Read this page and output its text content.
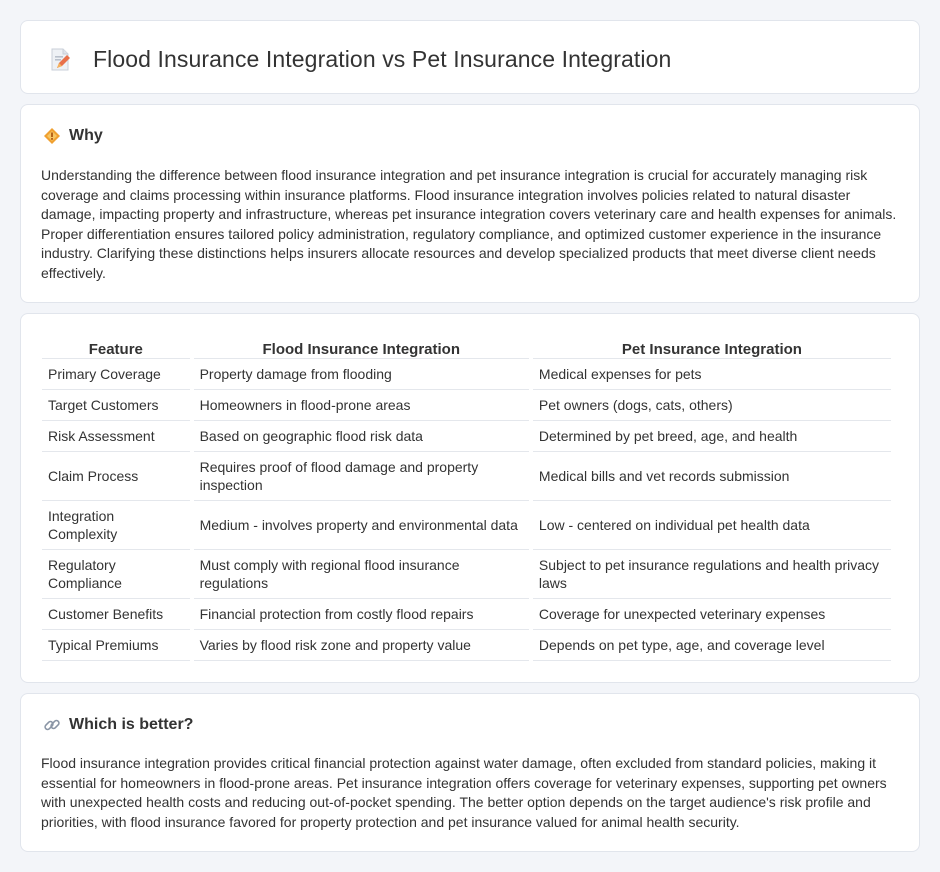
Flood Insurance Integration vs Pet Insurance Integration
Why

Understanding the difference between flood insurance integration and pet insurance integration is crucial for accurately managing risk coverage and claims processing within insurance platforms. Flood insurance integration involves policies related to natural disaster damage, impacting property and infrastructure, whereas pet insurance integration covers veterinary care and health expenses for animals. Proper differentiation ensures tailored policy administration, regulatory compliance, and optimized customer experience in the insurance industry. Clarifying these distinctions helps insurers allocate resources and develop specialized products that meet diverse client needs effectively.

Feature	Flood Insurance Integration	Pet Insurance Integration
Primary Coverage	Property damage from flooding	Medical expenses for pets
Target Customers	Homeowners in flood-prone areas	Pet owners (dogs, cats, others)
Risk Assessment	Based on geographic flood risk data	Determined by pet breed, age, and health
Claim Process	Requires proof of flood damage and property inspection	Medical bills and vet records submission
Integration Complexity	Medium - involves property and environmental data	Low - centered on individual pet health data
Regulatory Compliance	Must comply with regional flood insurance regulations	Subject to pet insurance regulations and health privacy laws
Customer Benefits	Financial protection from costly flood repairs	Coverage for unexpected veterinary expenses
Typical Premiums	Varies by flood risk zone and property value	Depends on pet type, age, and coverage level
Which is better?

Flood insurance integration provides critical financial protection against water damage, often excluded from standard policies, making it essential for homeowners in flood-prone areas. Pet insurance integration offers coverage for veterinary expenses, supporting pet owners with unexpected health costs and reducing out-of-pocket spending. The better option depends on the target audience's risk profile and priorities, with flood insurance favored for property protection and pet insurance valued for animal health security.
